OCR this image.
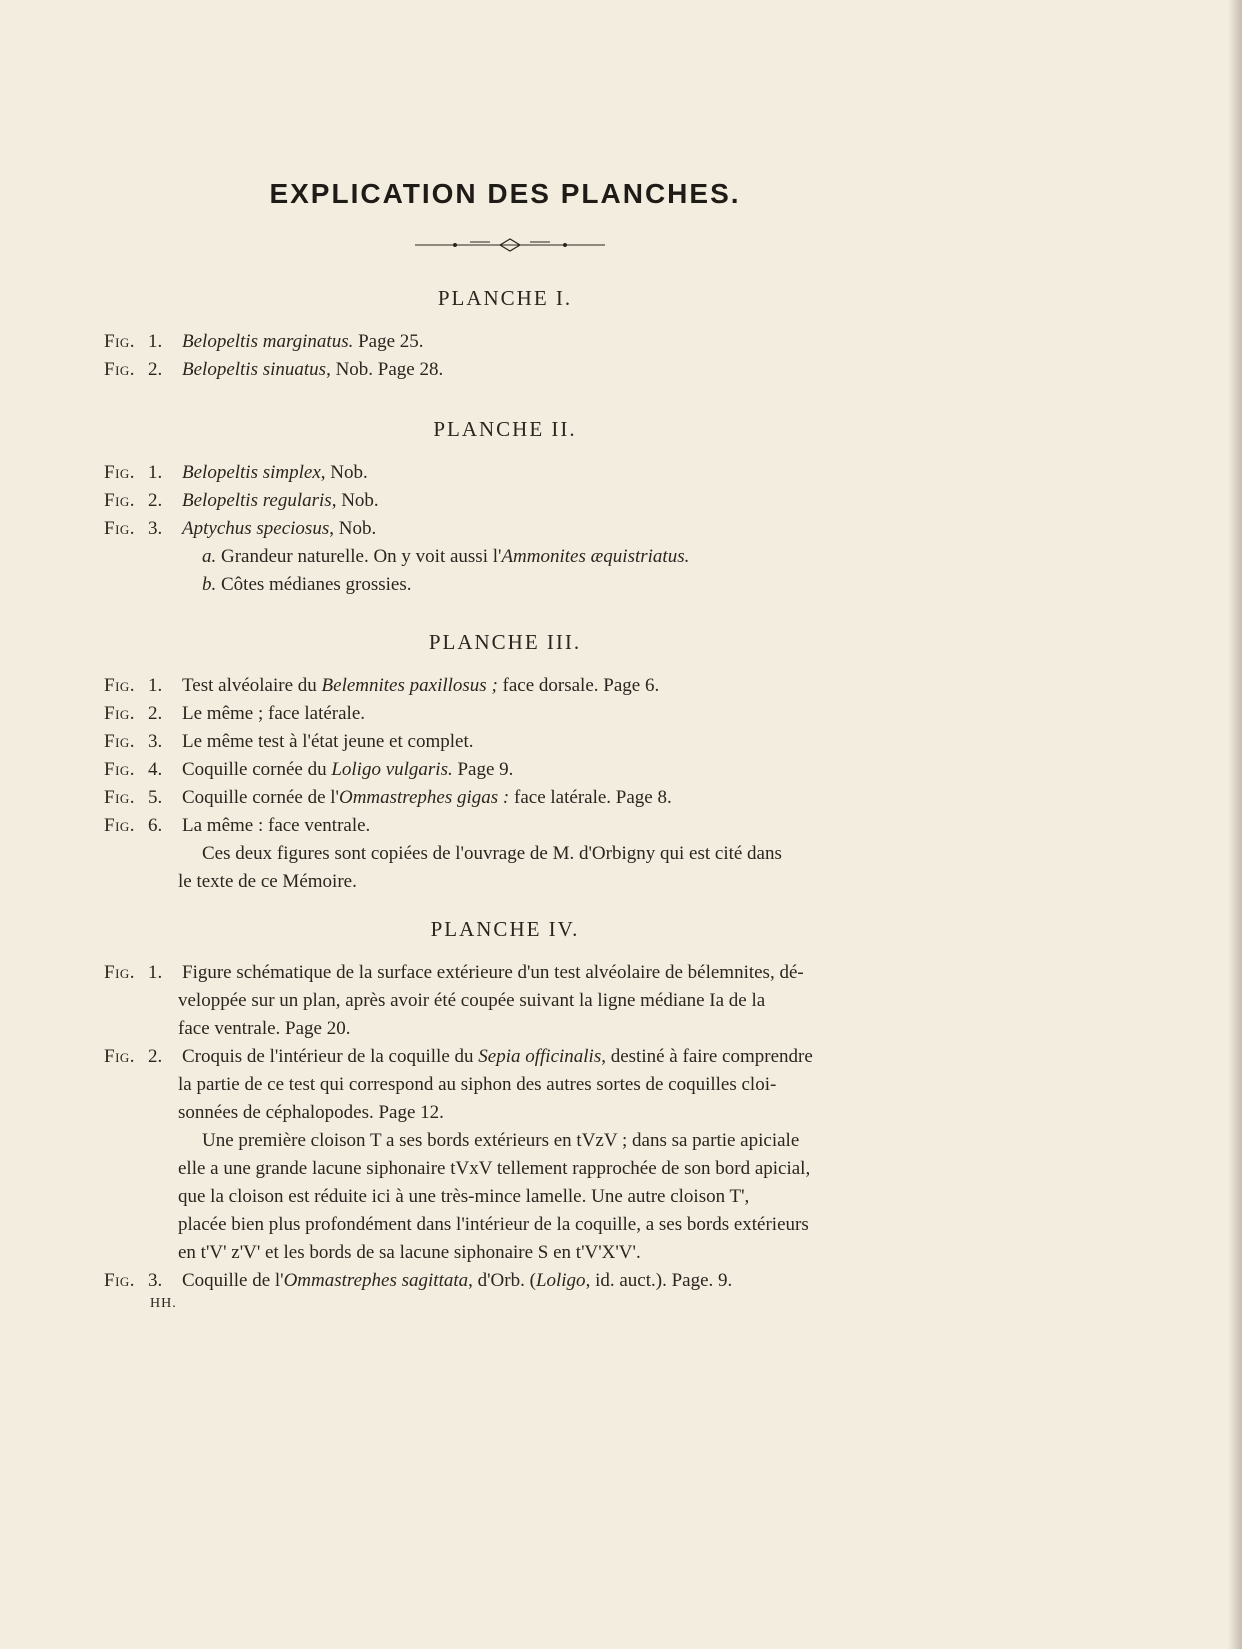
EXPLICATION DES PLANCHES.
PLANCHE I.
Fig. 1. Belopeltis marginatus. Page 25.
Fig. 2. Belopeltis sinuatus, Nob. Page 28.
PLANCHE II.
Fig. 1. Belopeltis simplex, Nob.
Fig. 2. Belopeltis regularis, Nob.
Fig. 3. Aptychus speciosus, Nob.
a. Grandeur naturelle. On y voit aussi l'Ammonites æquistriatus.
b. Côtes médianes grossies.
PLANCHE III.
Fig. 1. Test alvéolaire du Belemnites paxillosus ; face dorsale. Page 6.
Fig. 2. Le même ; face latérale.
Fig. 3. Le même test à l'état jeune et complet.
Fig. 4. Coquille cornée du Loligo vulgaris. Page 9.
Fig. 5. Coquille cornée de l'Ommastrephes gigas : face latérale. Page 8.
Fig. 6. La même : face ventrale.
Ces deux figures sont copiées de l'ouvrage de M. d'Orbigny qui est cité dans
le texte de ce Mémoire.
PLANCHE IV.
Fig. 1. Figure schématique de la surface extérieure d'un test alvéolaire de bélemnites, dé-
veloppée sur un plan, après avoir été coupée suivant la ligne médiane Ia de la
face ventrale. Page 20.
Fig. 2. Croquis de l'intérieur de la coquille du Sepia officinalis, destiné à faire comprendre
la partie de ce test qui correspond au siphon des autres sortes de coquilles cloi-
sonnées de céphalopodes. Page 12.
Une première cloison T a ses bords extérieurs en tVzV ; dans sa partie apiciale
elle a une grande lacune siphonaire tVxV tellement rapprochée de son bord apicial,
que la cloison est réduite ici à une très-mince lamelle. Une autre cloison T',
placée bien plus profondément dans l'intérieur de la coquille, a ses bords extérieurs
en t'V' z'V' et les bords de sa lacune siphonaire S en t'V'X'V'.
Fig. 3. Coquille de l'Ommastrephes sagittata, d'Orb. (Loligo, id. auct.). Page. 9.
HH.
